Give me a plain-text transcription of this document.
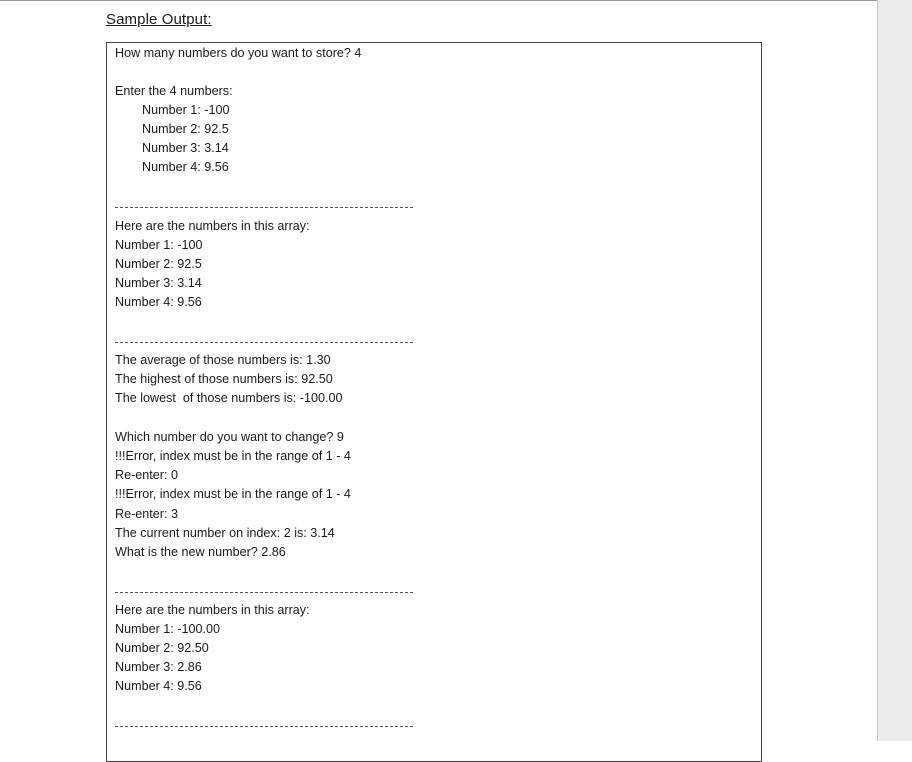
Sample Output:
How many numbers do you want to store? 4
Enter the 4 numbers:
Number 1: -100
Number 2: 92.5
Number 3: 3.14
Number 4: 9.56
Here are the numbers in this array:
Number 1: -100
Number 2: 92.5
Number 3: 3.14
Number 4: 9.56
The average of those numbers is: 1.30
The highest of those numbers is: 92.50
The lowest  of those numbers is: -100.00
Which number do you want to change? 9
!!!Error, index must be in the range of 1 - 4
Re-enter: 0
!!!Error, index must be in the range of 1 - 4
Re-enter: 3
The current number on index: 2 is: 3.14
What is the new number? 2.86
Here are the numbers in this array:
Number 1: -100.00
Number 2: 92.50
Number 3: 2.86
Number 4: 9.56
